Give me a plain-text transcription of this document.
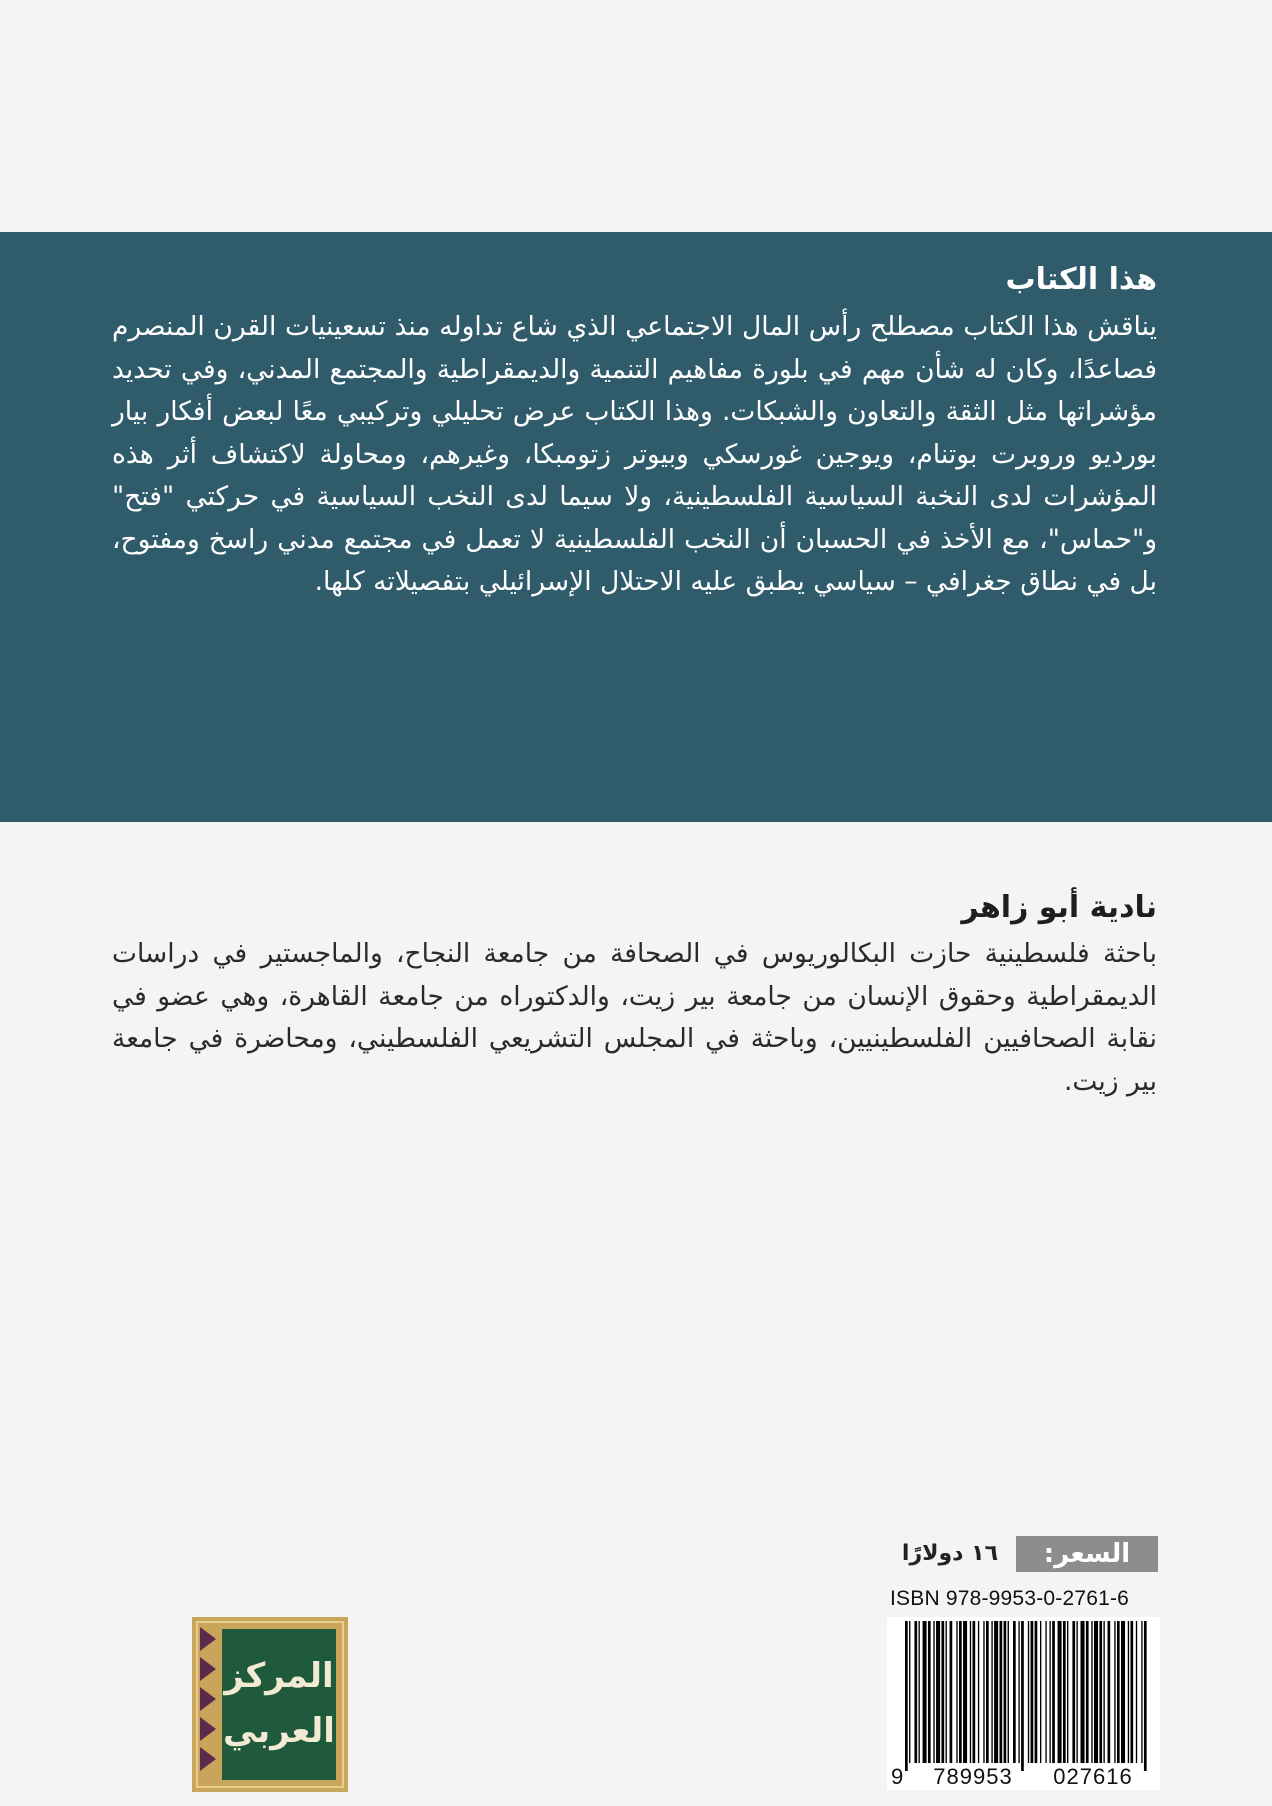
هذا الكتاب

يناقش هذا الكتاب مصطلح رأس المال الاجتماعي الذي شاع تداوله منذ تسعينيات القرن المنصرم فصاعدًا، وكان له شأن مهم في بلورة مفاهيم التنمية والديمقراطية والمجتمع المدني، وفي تحديد مؤشراتها مثل الثقة والتعاون والشبكات. وهذا الكتاب عرض تحليلي وتركيبي معًا لبعض أفكار بيار بورديو وروبرت بوتنام، ويوجين غورسكي وبيوتر زتومبكا، وغيرهم، ومحاولة لاكتشاف أثر هذه المؤشرات لدى النخبة السياسية الفلسطينية، ولا سيما لدى النخب السياسية في حركتي "فتح" و"حماس"، مع الأخذ في الحسبان أن النخب الفلسطينية لا تعمل في مجتمع مدني راسخ ومفتوح، بل في نطاق جغرافي – سياسي يطبق عليه الاحتلال الإسرائيلي بتفصيلاته كلها.

نادية أبو زاهر

باحثة فلسطينية حازت البكالوريوس في الصحافة من جامعة النجاح، والماجستير في دراسات الديمقراطية وحقوق الإنسان من جامعة بير زيت، والدكتوراه من جامعة القاهرة، وهي عضو في نقابة الصحافيين الفلسطينيين، وباحثة في المجلس التشريعي الفلسطيني، ومحاضرة في جامعة بير زيت.

السعر:
١٦ دولارًا
ISBN 978-9953-0-2761-6
9 789953 027616
المركز
العربي
